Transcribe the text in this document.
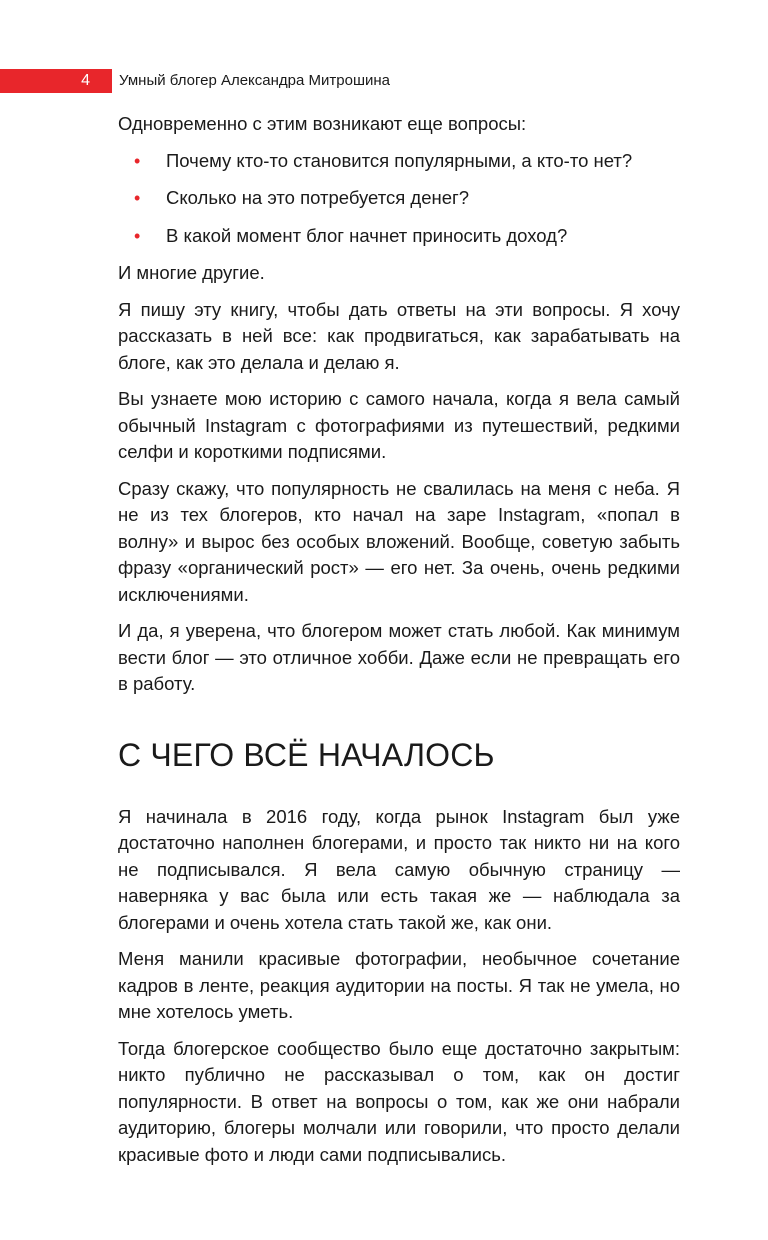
4 Умный блогер Александра Митрошина

Одновременно с этим возникают еще вопросы:

• Почему кто-то становится популярными, а кто-то нет?
• Сколько на это потребуется денег?
• В какой момент блог начнет приносить доход?

И многие другие.

Я пишу эту книгу, чтобы дать ответы на эти вопросы. Я хочу рассказать в ней все: как продвигаться, как зарабатывать на блоге, как это делала и делаю я.

Вы узнаете мою историю с самого начала, когда я вела самый обычный Instagram с фотографиями из путешествий, редкими селфи и короткими подписями.

Сразу скажу, что популярность не свалилась на меня с неба. Я не из тех блогеров, кто начал на заре Instagram, «попал в волну» и вырос без особых вложений. Вообще, советую забыть фразу «органический рост» — его нет. За очень, очень редкими исключениями.

И да, я уверена, что блогером может стать любой. Как минимум вести блог — это отличное хобби. Даже если не превращать его в работу.

С ЧЕГО ВСЁ НАЧАЛОСЬ

Я начинала в 2016 году, когда рынок Instagram был уже достаточно наполнен блогерами, и просто так никто ни на кого не подписывался. Я вела самую обычную страницу — наверняка у вас была или есть такая же — наблюдала за блогерами и очень хотела стать такой же, как они.

Меня манили красивые фотографии, необычное сочетание кадров в ленте, реакция аудитории на посты. Я так не умела, но мне хотелось уметь.

Тогда блогерское сообщество было еще достаточно закрытым: никто публично не рассказывал о том, как он достиг популярности. В ответ на вопросы о том, как же они набрали аудиторию, блогеры молчали или говорили, что просто делали красивые фото и люди сами подписывались.
